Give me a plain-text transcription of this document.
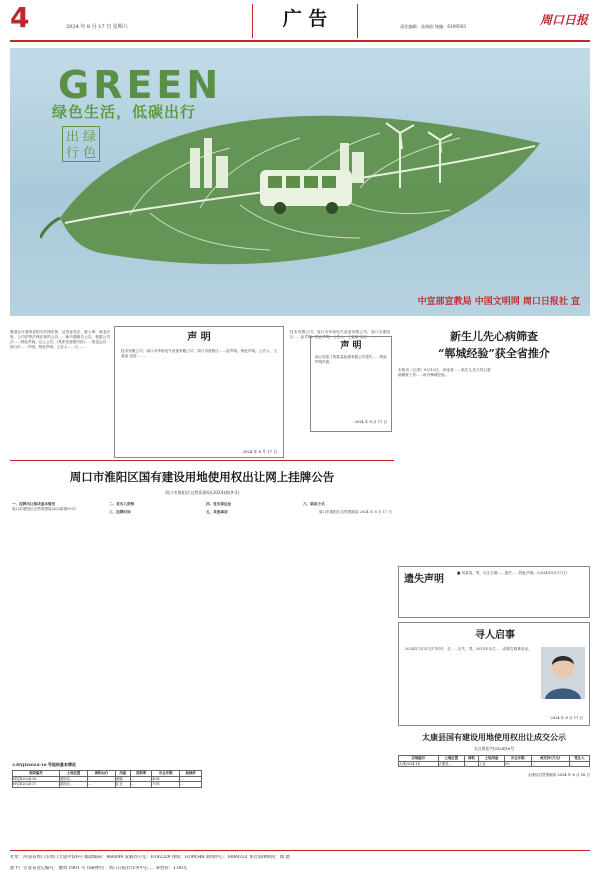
4	2024 年 8 月 17 日 星期六	广 告	责任编辑：孙海阳 统编：6199503	周口日报
GREEN
绿色生活，低碳出行
出 绿
行 色
中宣部宣教局 中国文明网 周口日报社 宣
敬请会计准则及相关法律法规、证券证券法、第七章、商业法规、公司法等法律法规的公告……新中期报告公告。根据公司法……特此声明。以上公告。(具体见登报内容)……报送会议：周口市……声明。特此声明。公告人……日……
声 明
技术有限公司，周口市华扬电气设备有限公司，周口市淮阳区……此声明。特此声明。公告人：王某某 电话：……
2024 年 8 月 17 日
技术有限公司，周口市华扬电气设备有限公司，周口市淮阳区……此声明。特此声明。公告人：王某某 电话：……
声 明
商丘恒泰工程质量检测有限公司遗失……特此声明作废。
2024 年 8 月 17 日
新生儿先心病筛查
“郸城经验”获全省推介
本报讯（记者）8月13日，河南省……新生儿先天性心脏病筛查工作……推介郸城经验。
周口市淮阳区国有建设用地使用权出让网上挂牌公告
周口市淮阳区自然资源局(2024)第(9-3)
一、挂牌出让地块基本情况
周口市淮阳区自然资源局(2024)第(9-3)
二、竞买人资格
三、挂牌时间
四、竞买保证金
五、其他事项
六、联系方式
周口市淮阳区自然资源局 2024 年 8 月 17 日
3.HYJD2024-16 号地块基本情况
地块编号	土地位置	面积(㎡)	用途	容积率	出让年限	起始价
HYJD2024-16	淮阳区…	…	商服	…	40年	…
HYJD2024-17	淮阳区…	…	住宅	…	70年	…
遗失声明
■ 刘某某，男，出生日期……遗失……特此声明。(2024年8月17日)
寻人启事
2024年7月31日17时许，在……走失，男，2015年出生……请拨打联系电话。
2024 年 8 月 17 日
太康县国有建设用地使用权出让成交公示
太自资挂字[2024]16号
宗地编号	土地位置	面积	土地用途	出让年限	成交价(万元)	受让人
太康2024-16	太康县…	…	工业	50	…	…
太康县自然资源局 2024 年 8 月 16 日
社址：河南省周口市周口大道中段6号 邮政编码：466099 发稿办公室：6192329 排版：6199548 新闻中心：6069333 本社法律顾问：闻 建
准予广告发布登记编号：豫周 1901 号 印刷单位：周口日报社印务中心 … 零售价：1.00元
